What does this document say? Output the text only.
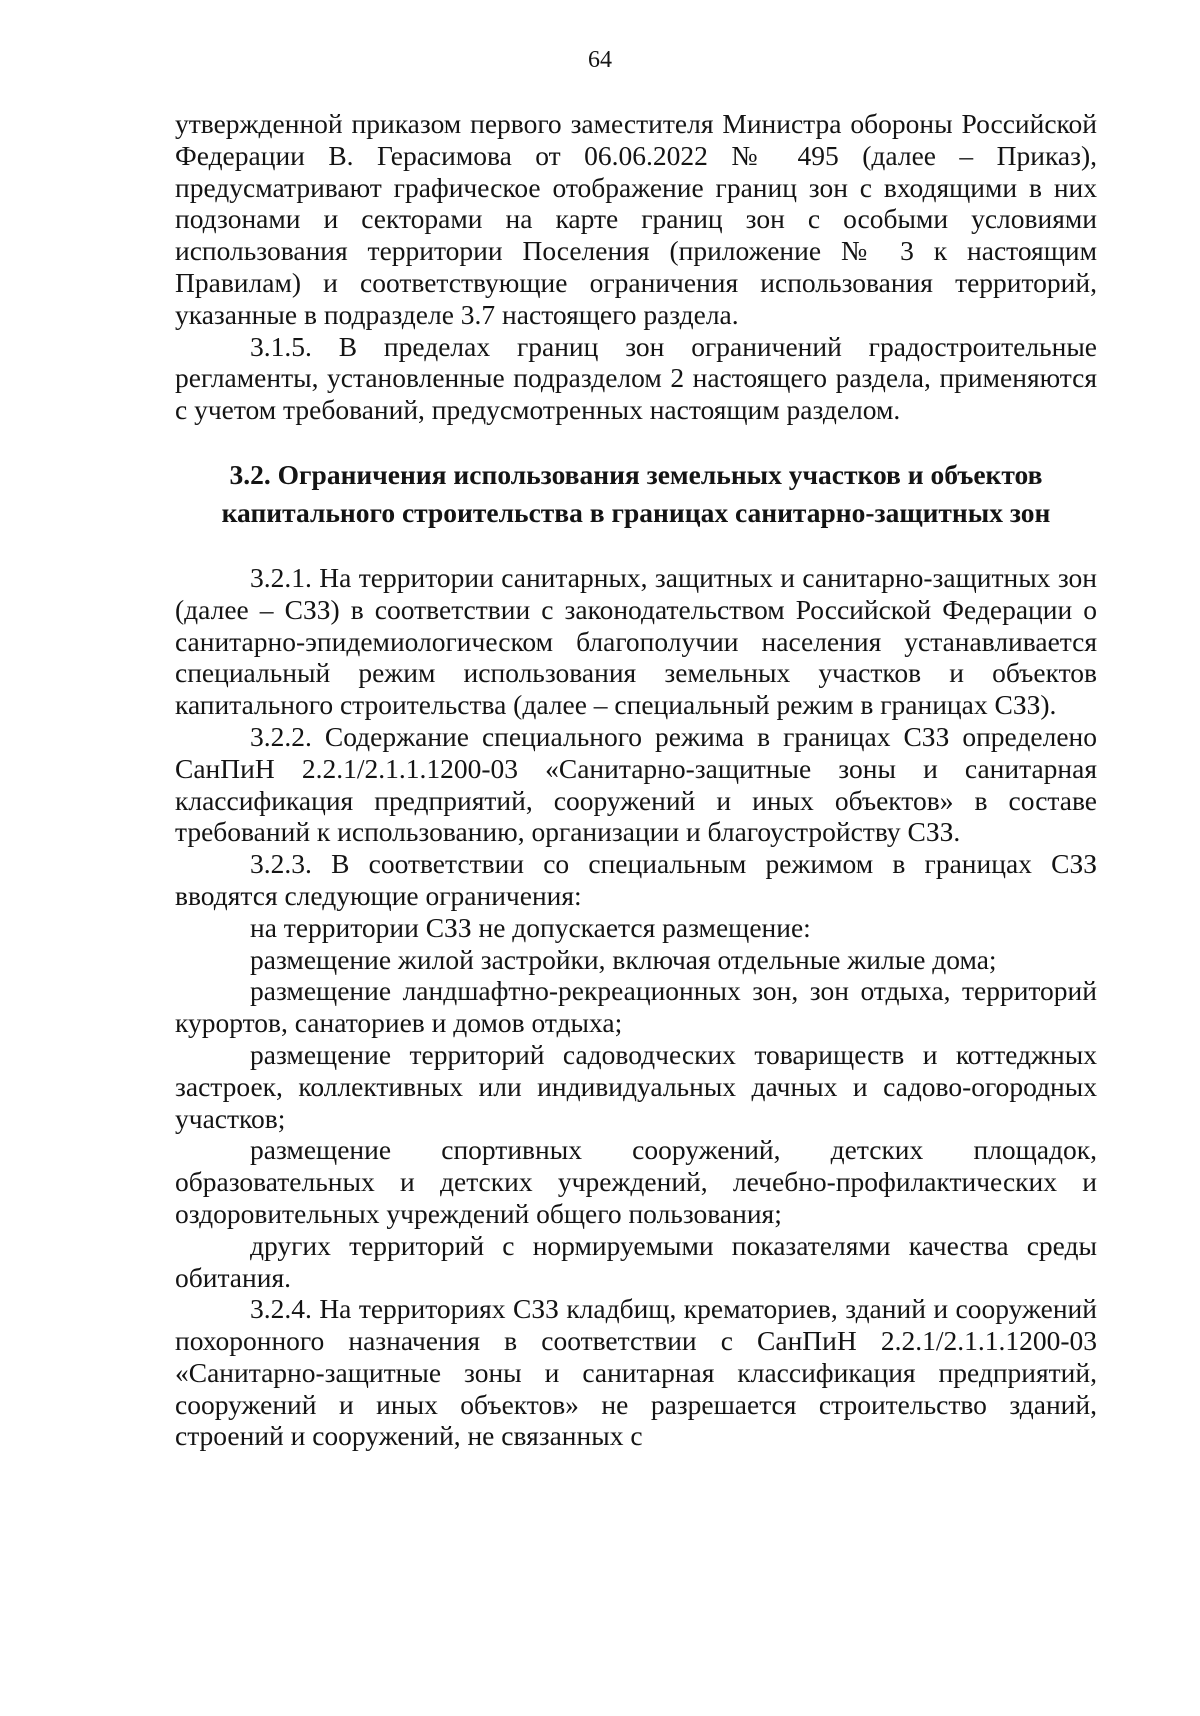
64

утвержденной приказом первого заместителя Министра обороны Российской Федерации В. Герасимова от 06.06.2022 № 495 (далее – Приказ), предусматривают графическое отображение границ зон с входящими в них подзонами и секторами на карте границ зон с особыми условиями использования территории Поселения (приложение № 3 к настоящим Правилам) и соответствующие ограничения использования территорий, указанные в подразделе 3.7 настоящего раздела.

3.1.5. В пределах границ зон ограничений градостроительные регламенты, установленные подразделом 2 настоящего раздела, применяются с учетом требований, предусмотренных настоящим разделом.

3.2. Ограничения использования земельных участков и объектов
капитального строительства в границах санитарно-защитных зон

3.2.1. На территории санитарных, защитных и санитарно-защитных зон (далее – СЗЗ) в соответствии с законодательством Российской Федерации о санитарно-эпидемиологическом благополучии населения устанавливается специальный режим использования земельных участков и объектов капитального строительства (далее – специальный режим в границах СЗЗ).

3.2.2. Содержание специального режима в границах СЗЗ определено СанПиН 2.2.1/2.1.1.1200-03 «Санитарно-защитные зоны и санитарная классификация предприятий, сооружений и иных объектов» в составе требований к использованию, организации и благоустройству СЗЗ.

3.2.3. В соответствии со специальным режимом в границах СЗЗ вводятся следующие ограничения:

на территории СЗЗ не допускается размещение:

размещение жилой застройки, включая отдельные жилые дома;

размещение ландшафтно-рекреационных зон, зон отдыха, территорий курортов, санаториев и домов отдыха;

размещение территорий садоводческих товариществ и коттеджных застроек, коллективных или индивидуальных дачных и садово-огородных участков;

размещение спортивных сооружений, детских площадок, образовательных и детских учреждений, лечебно-профилактических и оздоровительных учреждений общего пользования;

других территорий с нормируемыми показателями качества среды обитания.

3.2.4. На территориях СЗЗ кладбищ, крематориев, зданий и сооружений похоронного назначения в соответствии с СанПиН 2.2.1/2.1.1.1200-03 «Санитарно-защитные зоны и санитарная классификация предприятий, сооружений и иных объектов» не разрешается строительство зданий, строений и сооружений, не связанных с
